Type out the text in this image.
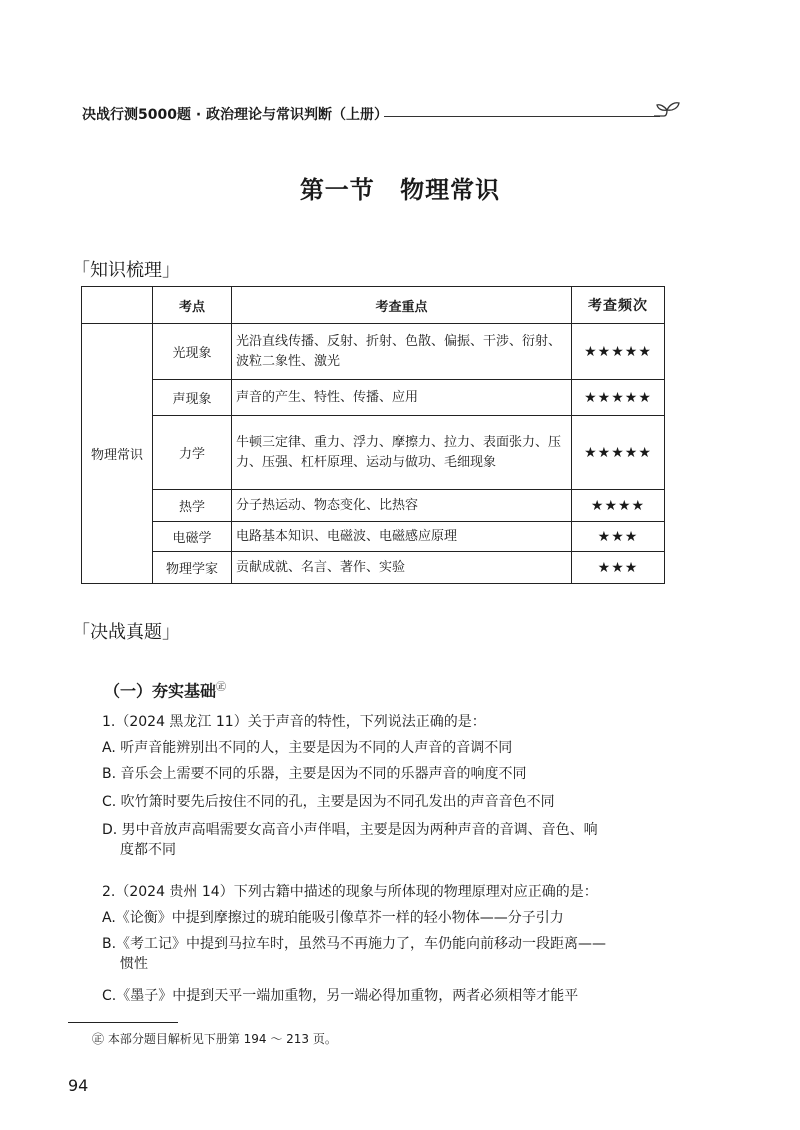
决战行测5000题 · 政治理论与常识判断（上册）
第一节 物理常识
「知识梳理」
	考点	考查重点	考查频次
物理常识	光现象	光沿直线传播、反射、折射、色散、偏振、干涉、衍射、波粒二象性、激光	★★★★★
	声现象	声音的产生、特性、传播、应用	★★★★★
	力学	牛顿三定律、重力、浮力、摩擦力、拉力、表面张力、压力、压强、杠杆原理、运动与做功、毛细现象	★★★★★
	热学	分子热运动、物态变化、比热容	★★★★
	电磁学	电路基本知识、电磁波、电磁感应原理	★★★
	物理学家	贡献成就、名言、著作、实验	★★★
「决战真题」
（一）夯实基础㊣
1.（2024 黑龙江 11）关于声音的特性，下列说法正确的是：
A. 听声音能辨别出不同的人，主要是因为不同的人声音的音调不同
B. 音乐会上需要不同的乐器，主要是因为不同的乐器声音的响度不同
C. 吹竹箫时要先后按住不同的孔，主要是因为不同孔发出的声音音色不同
D. 男中音放声高唱需要女高音小声伴唱，主要是因为两种声音的音调、音色、响
度都不同
2.（2024 贵州 14）下列古籍中描述的现象与所体现的物理原理对应正确的是：
A.《论衡》中提到摩擦过的琥珀能吸引像草芥一样的轻小物体——分子引力
B.《考工记》中提到马拉车时，虽然马不再施力了，车仍能向前移动一段距离——
惯性
C.《墨子》中提到天平一端加重物，另一端必得加重物，两者必须相等才能平
㊣ 本部分题目解析见下册第 194 ～ 213 页。
94
